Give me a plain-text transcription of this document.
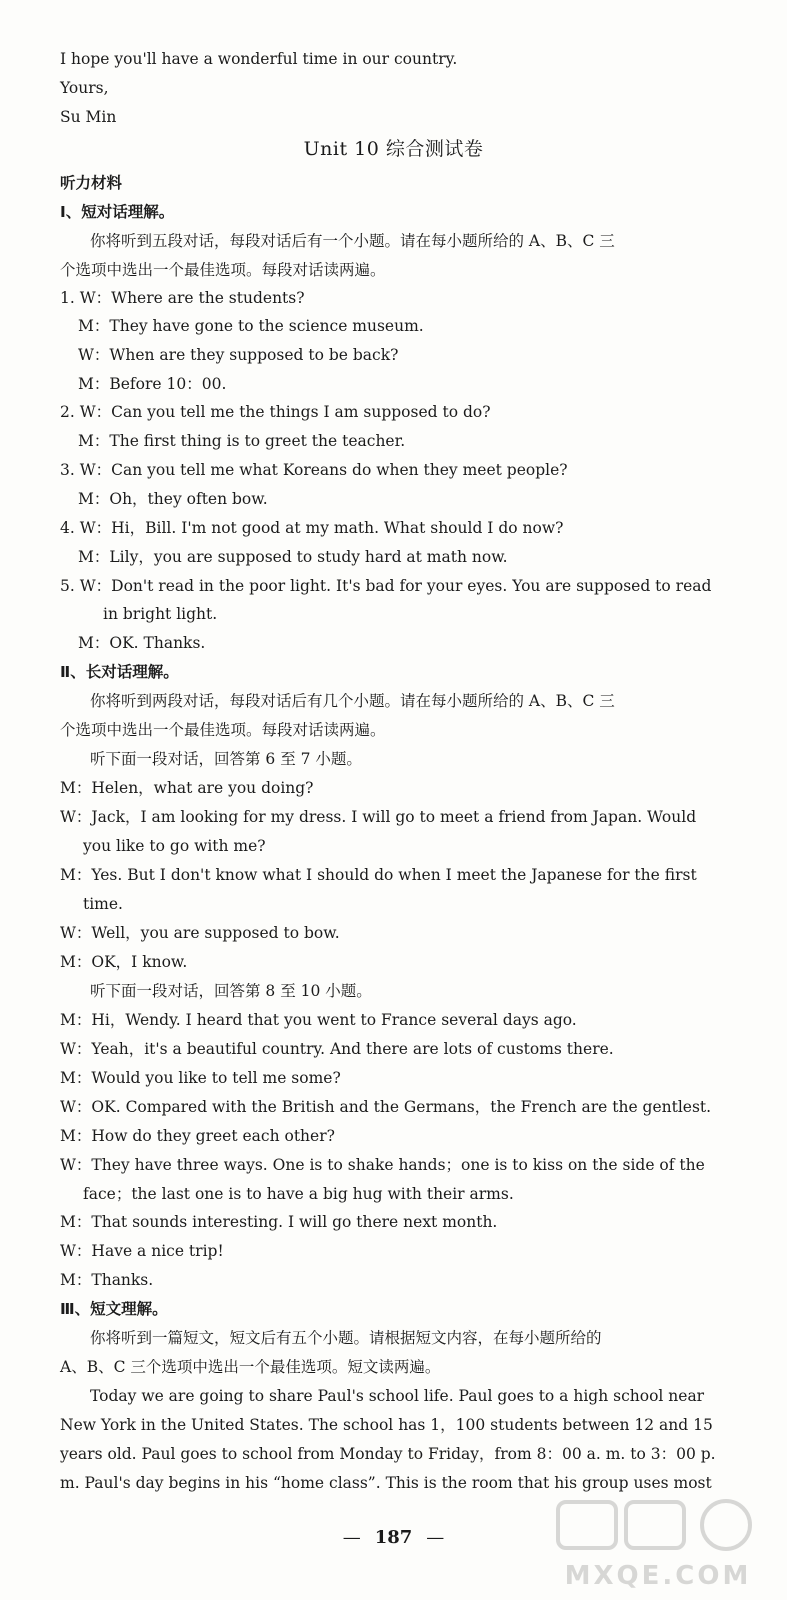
Unit 10 综合测试卷
I hope you'll have a wonderful time in our country.
Yours,
Su Min
听力材料
Ⅰ、短对话理解。
你将听到五段对话，每段对话后有一个小题。请在每小题所给的 A、B、C 三
个选项中选出一个最佳选项。每段对话读两遍。
1. W：Where are the students?
M：They have gone to the science museum.
W：When are they supposed to be back?
M：Before 10：00.
2. W：Can you tell me the things I am supposed to do?
M：The first thing is to greet the teacher.
3. W：Can you tell me what Koreans do when they meet people?
M：Oh，they often bow.
4. W：Hi，Bill. I'm not good at my math. What should I do now?
M：Lily，you are supposed to study hard at math now.
5. W：Don't read in the poor light. It's bad for your eyes. You are supposed to read
in bright light.
M：OK. Thanks.
Ⅱ、长对话理解。
你将听到两段对话，每段对话后有几个小题。请在每小题所给的 A、B、C 三
个选项中选出一个最佳选项。每段对话读两遍。
听下面一段对话，回答第 6 至 7 小题。
M：Helen，what are you doing?
W：Jack，I am looking for my dress. I will go to meet a friend from Japan. Would
you like to go with me?
M：Yes. But I don't know what I should do when I meet the Japanese for the first
time.
W：Well，you are supposed to bow.
M：OK，I know.
听下面一段对话，回答第 8 至 10 小题。
M：Hi，Wendy. I heard that you went to France several days ago.
W：Yeah，it's a beautiful country. And there are lots of customs there.
M：Would you like to tell me some?
W：OK. Compared with the British and the Germans，the French are the gentlest.
M：How do they greet each other?
W：They have three ways. One is to shake hands；one is to kiss on the side of the
face；the last one is to have a big hug with their arms.
M：That sounds interesting. I will go there next month.
W：Have a nice trip!
M：Thanks.
Ⅲ、短文理解。
你将听到一篇短文，短文后有五个小题。请根据短文内容，在每小题所给的
A、B、C 三个选项中选出一个最佳选项。短文读两遍。
Today we are going to share Paul's school life. Paul goes to a high school near
New York in the United States. The school has 1，100 students between 12 and 15
years old. Paul goes to school from Monday to Friday，from 8：00 a. m. to 3：00 p.
m. Paul's day begins in his “home class”. This is the room that his group uses most
— 187 —
MXQE.COM
